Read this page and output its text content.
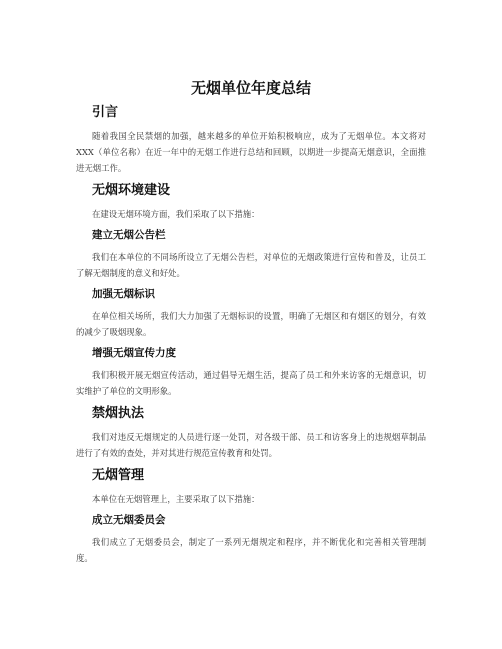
无烟单位年度总结
引言

随着我国全民禁烟的加强，越来越多的单位开始积极响应，成为了无烟单位。本文将对XXX（单位名称）在近一年中的无烟工作进行总结和回顾，以期进一步提高无烟意识，全面推进无烟工作。

无烟环境建设

在建设无烟环境方面，我们采取了以下措施：

建立无烟公告栏

我们在本单位的不同场所设立了无烟公告栏，对单位的无烟政策进行宣传和普及，让员工了解无烟制度的意义和好处。

加强无烟标识

在单位相关场所，我们大力加强了无烟标识的设置，明确了无烟区和有烟区的划分，有效的减少了吸烟现象。

增强无烟宣传力度

我们积极开展无烟宣传活动，通过倡导无烟生活，提高了员工和外来访客的无烟意识，切实维护了单位的文明形象。

禁烟执法

我们对违反无烟规定的人员进行逐一处罚，对各级干部、员工和访客身上的违规烟草制品进行了有效的查处，并对其进行规范宣传教育和处罚。

无烟管理

本单位在无烟管理上，主要采取了以下措施：

成立无烟委员会

我们成立了无烟委员会，制定了一系列无烟规定和程序，并不断优化和完善相关管理制度。
